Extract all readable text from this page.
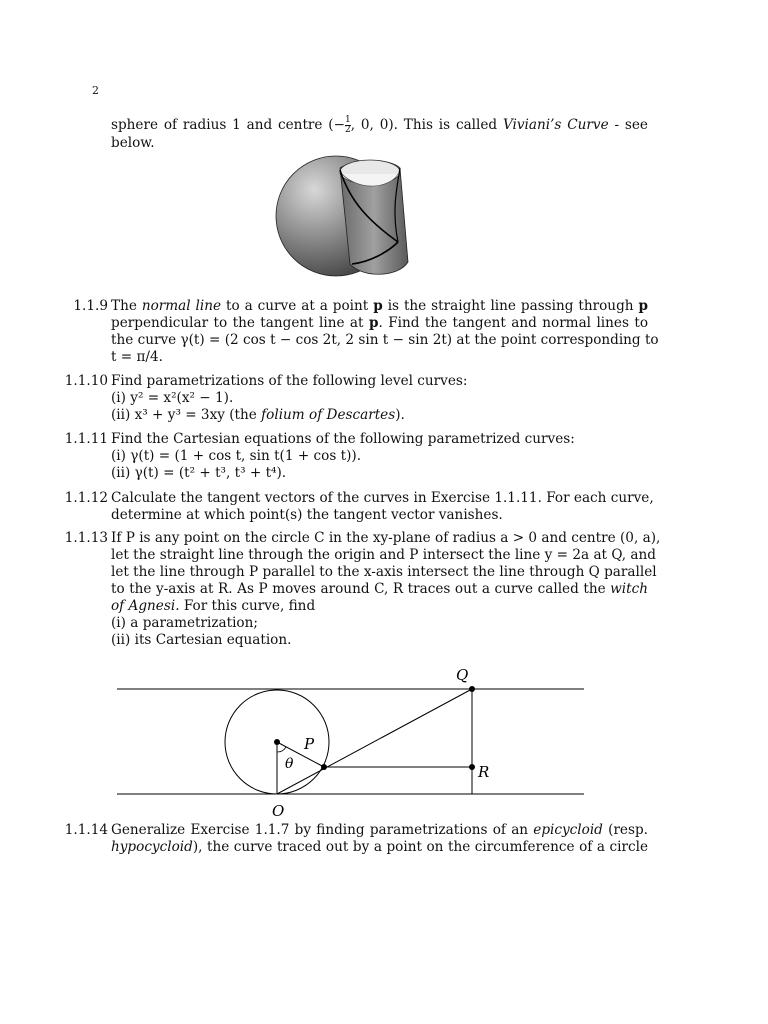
2
sphere of radius 1 and centre (− $\frac{1}{2}$ , 0, 0). This is called Viviani’s Curve - see
below.
1.1.9 The normal line to a curve at a point p is the straight line passing through p
perpendicular to the tangent line at p. Find the tangent and normal lines to
the curve γ(t) = (2 cos t − cos 2t, 2 sin t − sin 2t) at the point corresponding to
t = π/4.
1.1.10 Find parametrizations of the following level curves:
(i) y² = x²(x² − 1).
(ii) x³ + y³ = 3xy (the folium of Descartes).
1.1.11 Find the Cartesian equations of the following parametrized curves:
(i) γ(t) = (1 + cos t, sin t(1 + cos t)).
(ii) γ(t) = (t² + t³, t³ + t⁴).
1.1.12 Calculate the tangent vectors of the curves in Exercise 1.1.11. For each curve,
determine at which point(s) the tangent vector vanishes.
1.1.13 If P is any point on the circle C in the xy-plane of radius a > 0 and centre (0, a),
let the straight line through the origin and P intersect the line y = 2a at Q, and
let the line through P parallel to the x-axis intersect the line through Q parallel
to the y-axis at R. As P moves around C, R traces out a curve called the witch
of Agnesi. For this curve, find
(i) a parametrization;
(ii) its Cartesian equation.
Q
P
θ	R
O
1.1.14 Generalize Exercise 1.1.7 by finding parametrizations of an epicycloid (resp.
hypocycloid), the curve traced out by a point on the circumference of a circle
